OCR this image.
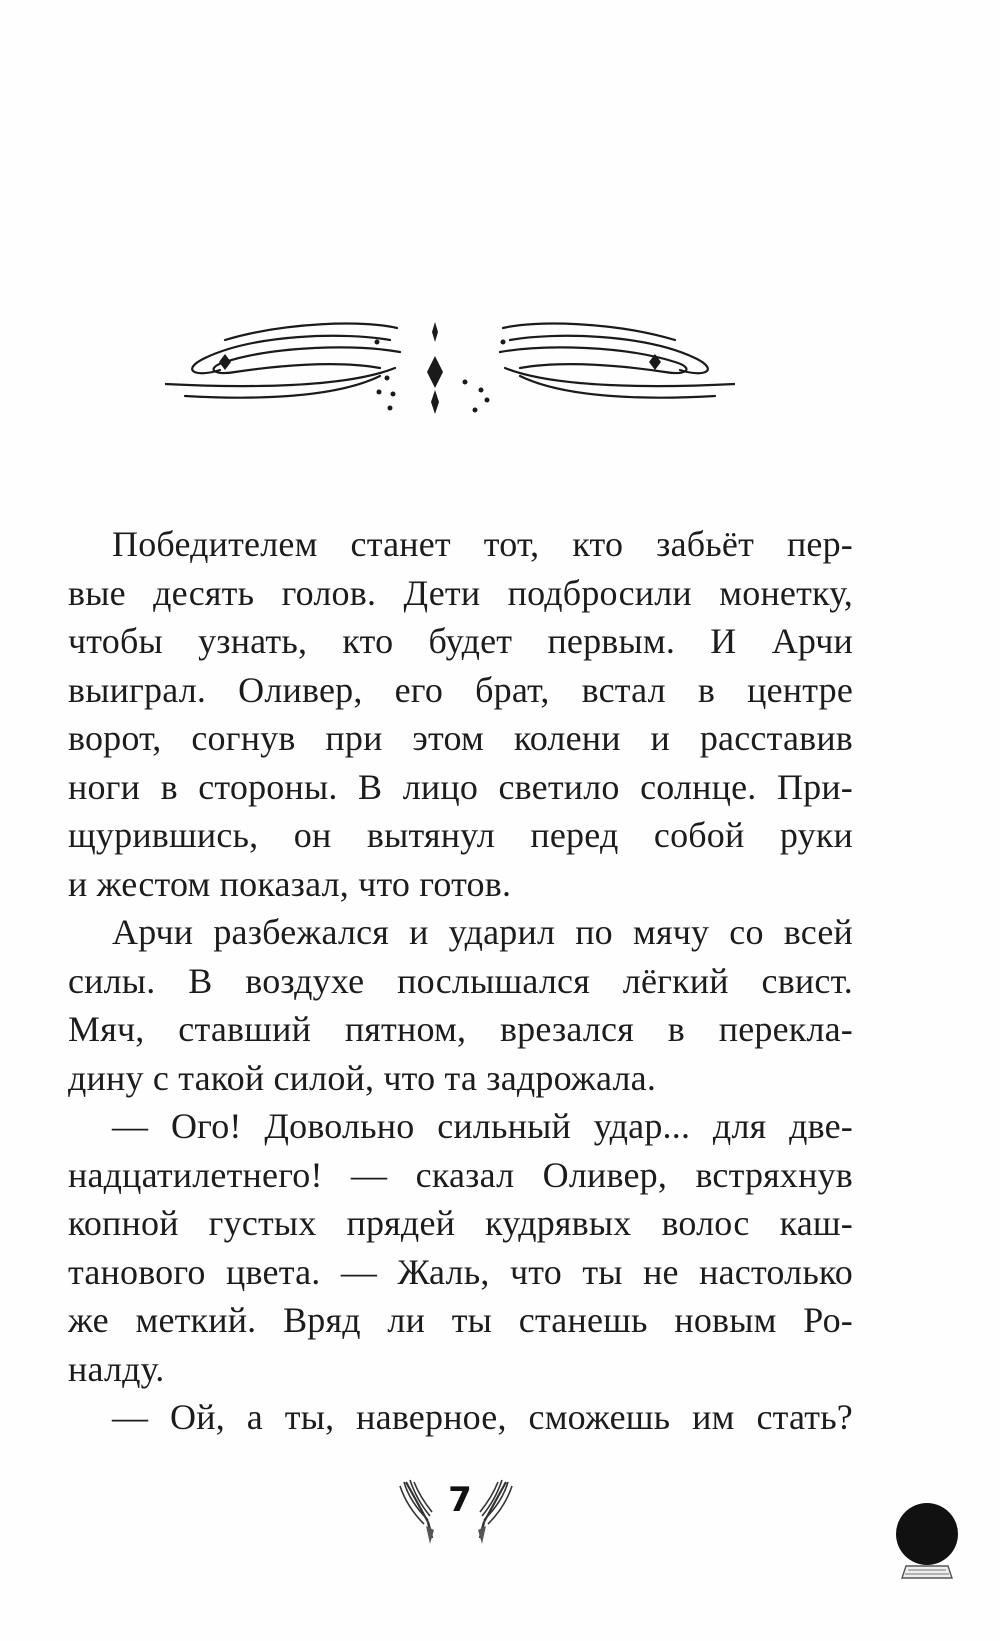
Победителем станет тот, кто забьёт пер-
вые десять голов. Дети подбросили монетку,
чтобы узнать, кто будет первым. И Арчи
выиграл. Оливер, его брат, встал в центре
ворот, согнув при этом колени и расставив
ноги в стороны. В лицо светило солнце. При-
щурившись, он вытянул перед собой руки
и жестом показал, что готов.
Арчи разбежался и ударил по мячу со всей
силы. В воздухе послышался лёгкий свист.
Мяч, ставший пятном, врезался в перекла-
дину с такой силой, что та задрожала.
— Ого! Довольно сильный удар... для две-
надцатилетнего! — сказал Оливер, встряхнув
копной густых прядей кудрявых волос каш-
танового цвета. — Жаль, что ты не настолько
же меткий. Вряд ли ты станешь новым Ро-
налду.
— Ой, а ты, наверное, сможешь им стать?
7
